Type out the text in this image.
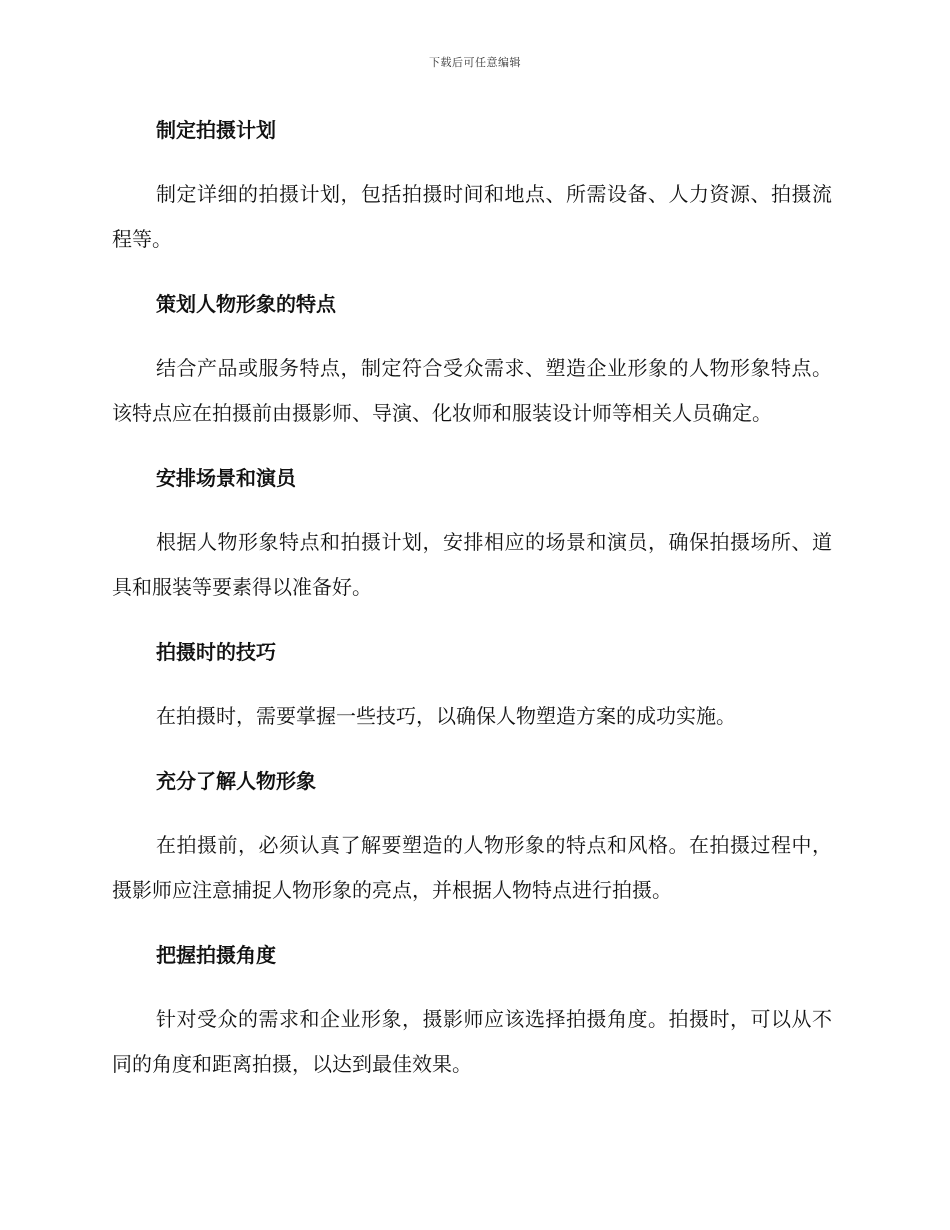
下载后可任意编辑
制定拍摄计划

制定详细的拍摄计划，包括拍摄时间和地点、所需设备、人力资源、拍摄流程等。

策划人物形象的特点

结合产品或服务特点，制定符合受众需求、塑造企业形象的人物形象特点。该特点应在拍摄前由摄影师、导演、化妆师和服装设计师等相关人员确定。

安排场景和演员

根据人物形象特点和拍摄计划，安排相应的场景和演员，确保拍摄场所、道具和服装等要素得以准备好。

拍摄时的技巧

在拍摄时，需要掌握一些技巧，以确保人物塑造方案的成功实施。

充分了解人物形象

在拍摄前，必须认真了解要塑造的人物形象的特点和风格。在拍摄过程中，摄影师应注意捕捉人物形象的亮点，并根据人物特点进行拍摄。

把握拍摄角度

针对受众的需求和企业形象，摄影师应该选择拍摄角度。拍摄时，可以从不同的角度和距离拍摄，以达到最佳效果。
